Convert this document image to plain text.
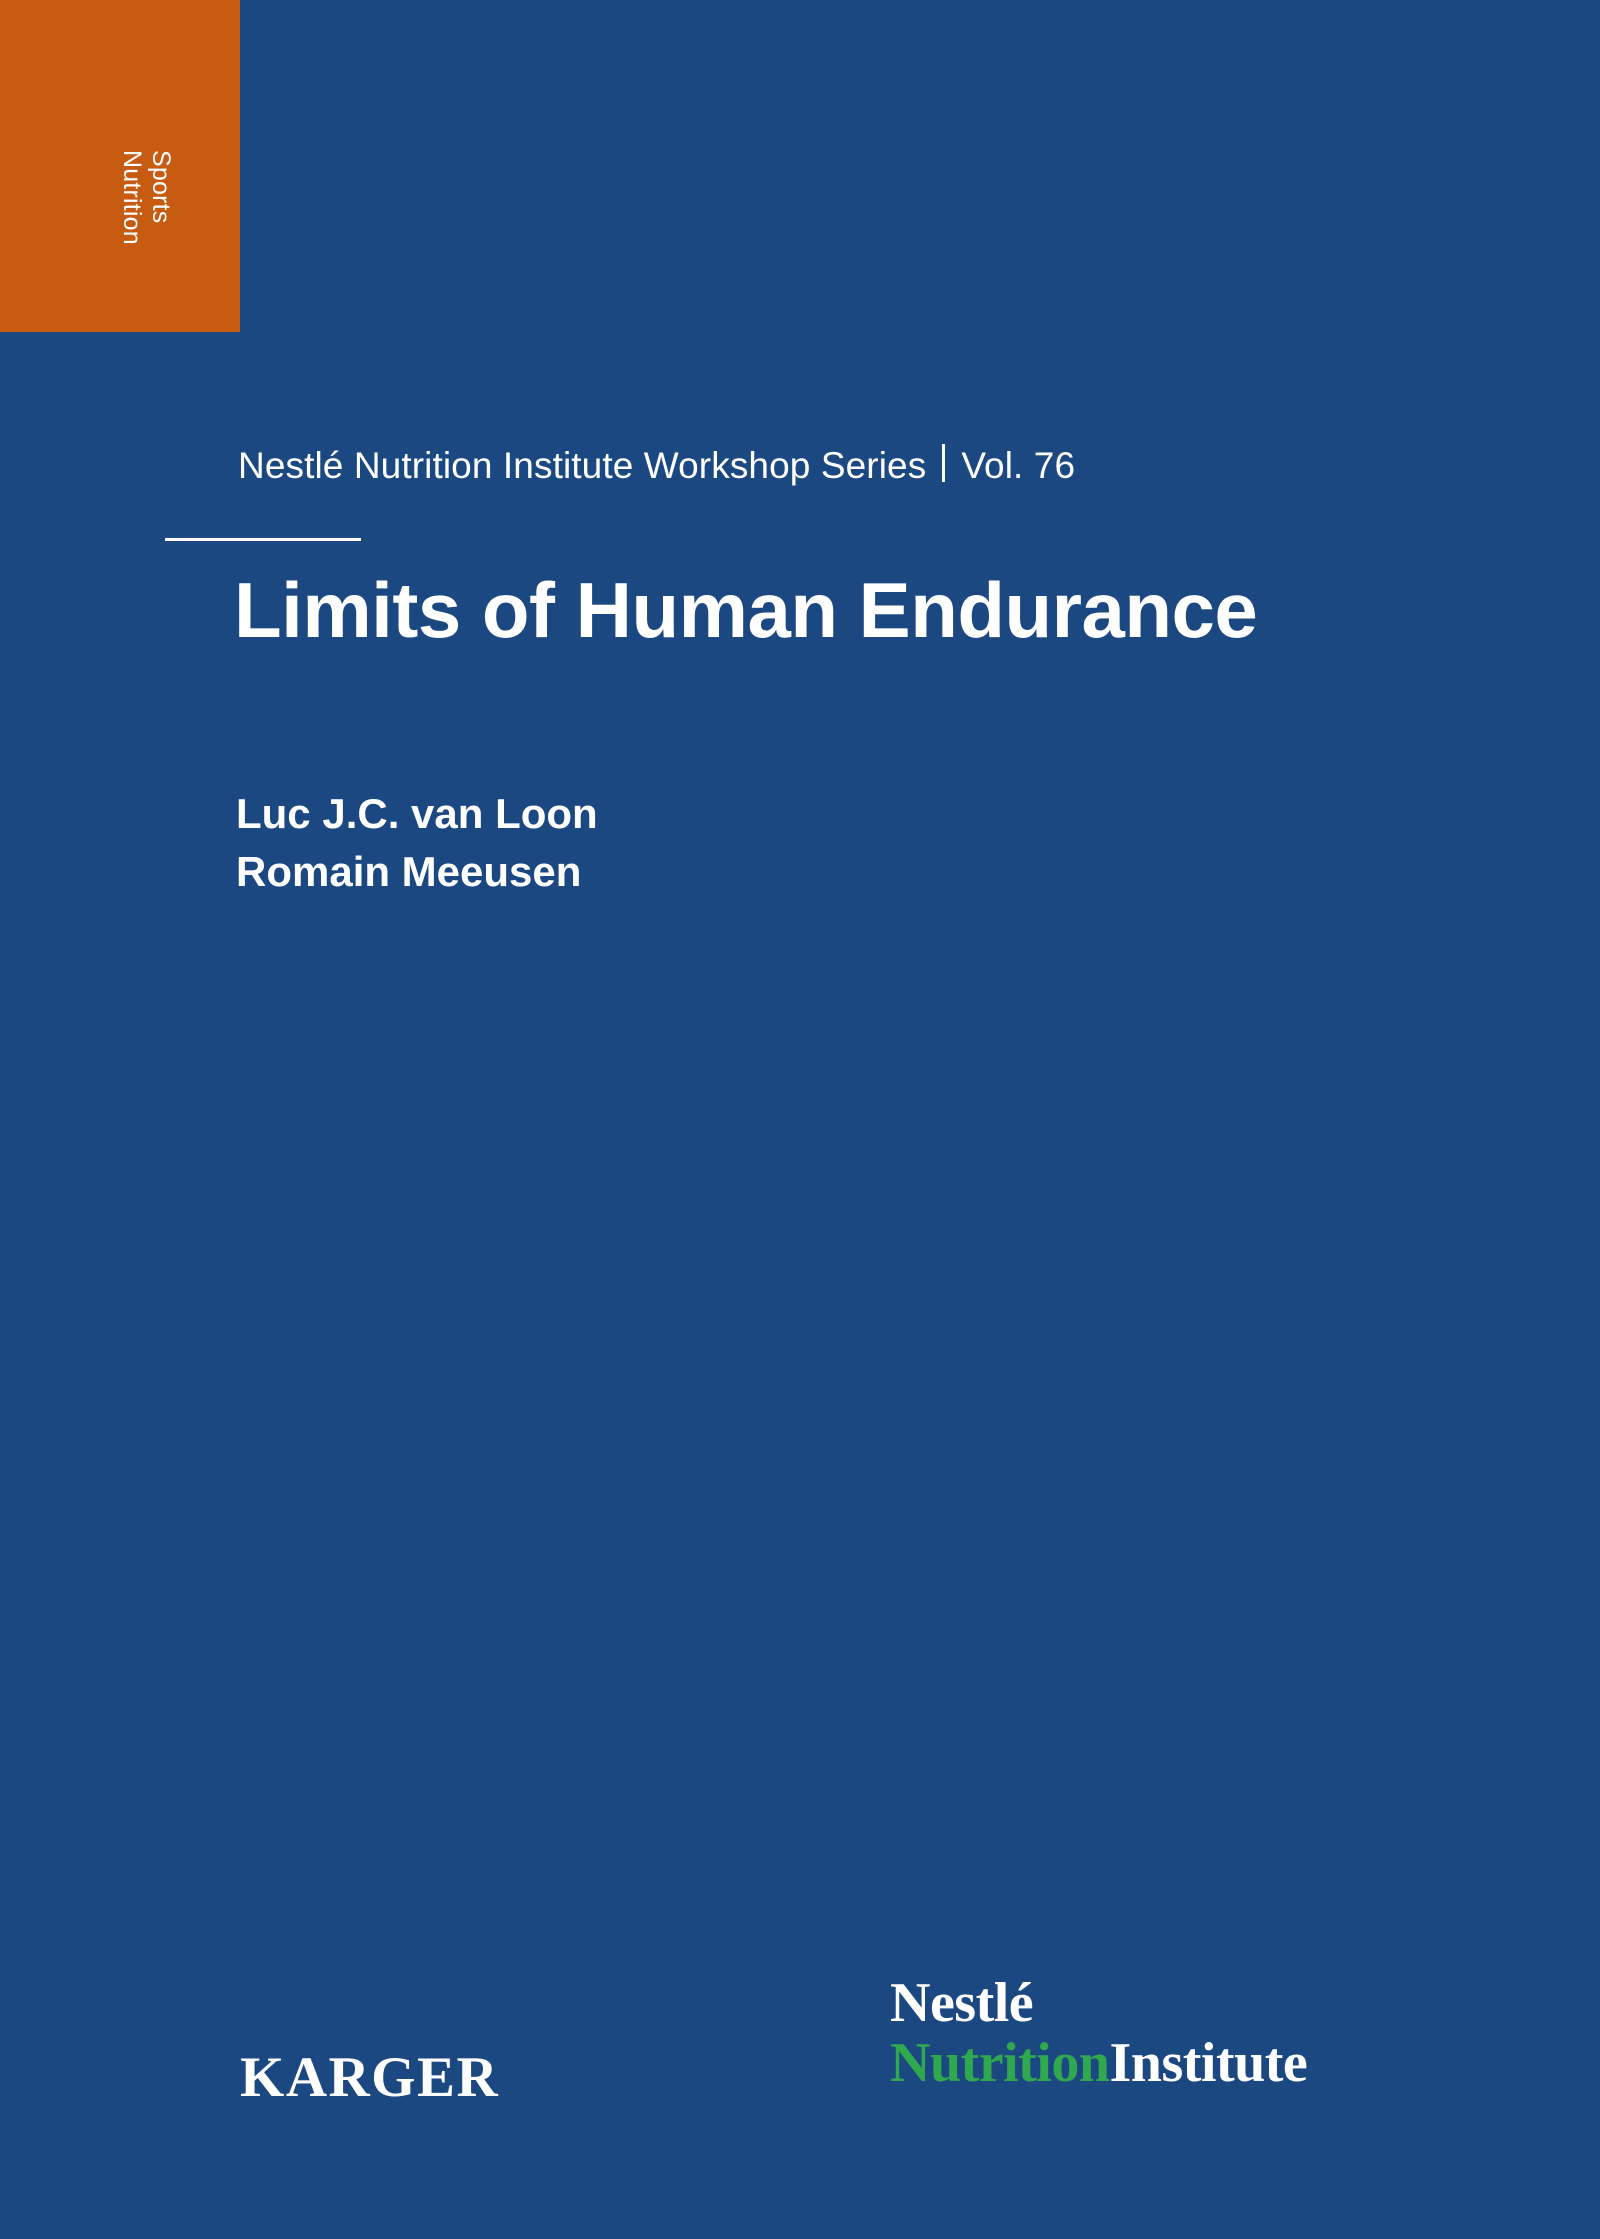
Sports
Nutrition
Nestlé Nutrition Institute Workshop Series Vol. 76
Limits of Human Endurance
Luc J.C. van Loon
Romain Meeusen
KARGER
Nestlé
NutritionInstitute
